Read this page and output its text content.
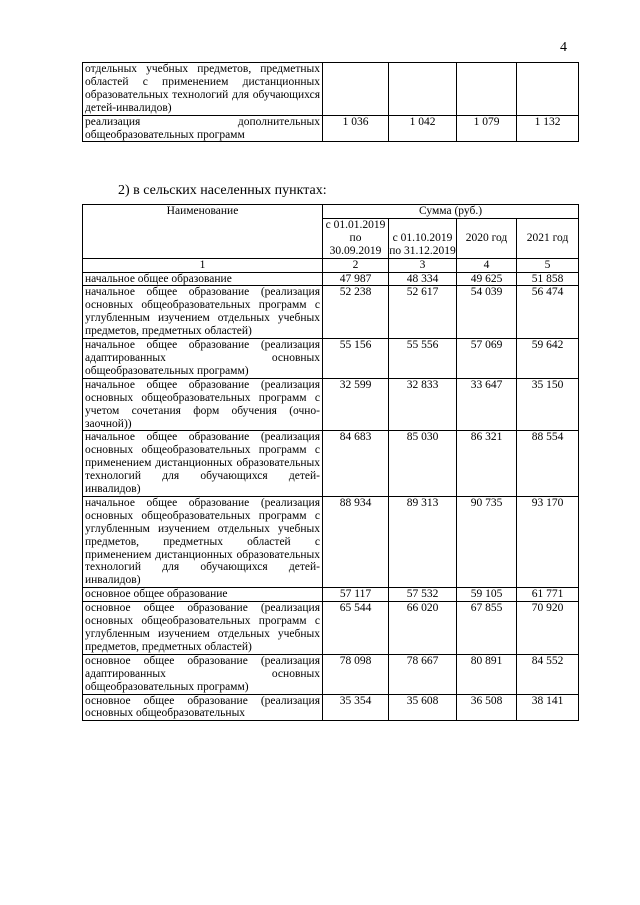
4
отдельных учебных предметов, предметных областей с применением дистанционных образовательных технологий для обучающихся детей-инвалидов)				
реализация дополнительных общеобразовательных программ	1 036	1 042	1 079	1 132
2) в сельских населенных пунктах:
Наименование	Сумма (руб.)			
	с 01.01.2019 по 30.09.2019	с 01.10.2019 по 31.12.2019	2020 год	2021 год
1	2	3	4	5
начальное общее образование	47 987	48 334	49 625	51 858
начальное общее образование (реализация основных общеобразовательных программ с углубленным изучением отдельных учебных предметов, предметных областей)	52 238	52 617	54 039	56 474
начальное общее образование (реализация адаптированных основных общеобразовательных программ)	55 156	55 556	57 069	59 642
начальное общее образование (реализация основных общеобразовательных программ с учетом сочетания форм обучения (очно-заочной))	32 599	32 833	33 647	35 150
начальное общее образование (реализация основных общеобразовательных программ с применением дистанционных образовательных технологий для обучающихся детей-инвалидов)	84 683	85 030	86 321	88 554
начальное общее образование (реализация основных общеобразовательных программ с углубленным изучением отдельных учебных предметов, предметных областей с применением дистанционных образовательных технологий для обучающихся детей-инвалидов)	88 934	89 313	90 735	93 170
основное общее образование	57 117	57 532	59 105	61 771
основное общее образование (реализация основных общеобразовательных программ с углубленным изучением отдельных учебных предметов, предметных областей)	65 544	66 020	67 855	70 920
основное общее образование (реализация адаптированных основных общеобразовательных программ)	78 098	78 667	80 891	84 552
основное общее образование (реализация основных общеобразовательных	35 354	35 608	36 508	38 141
